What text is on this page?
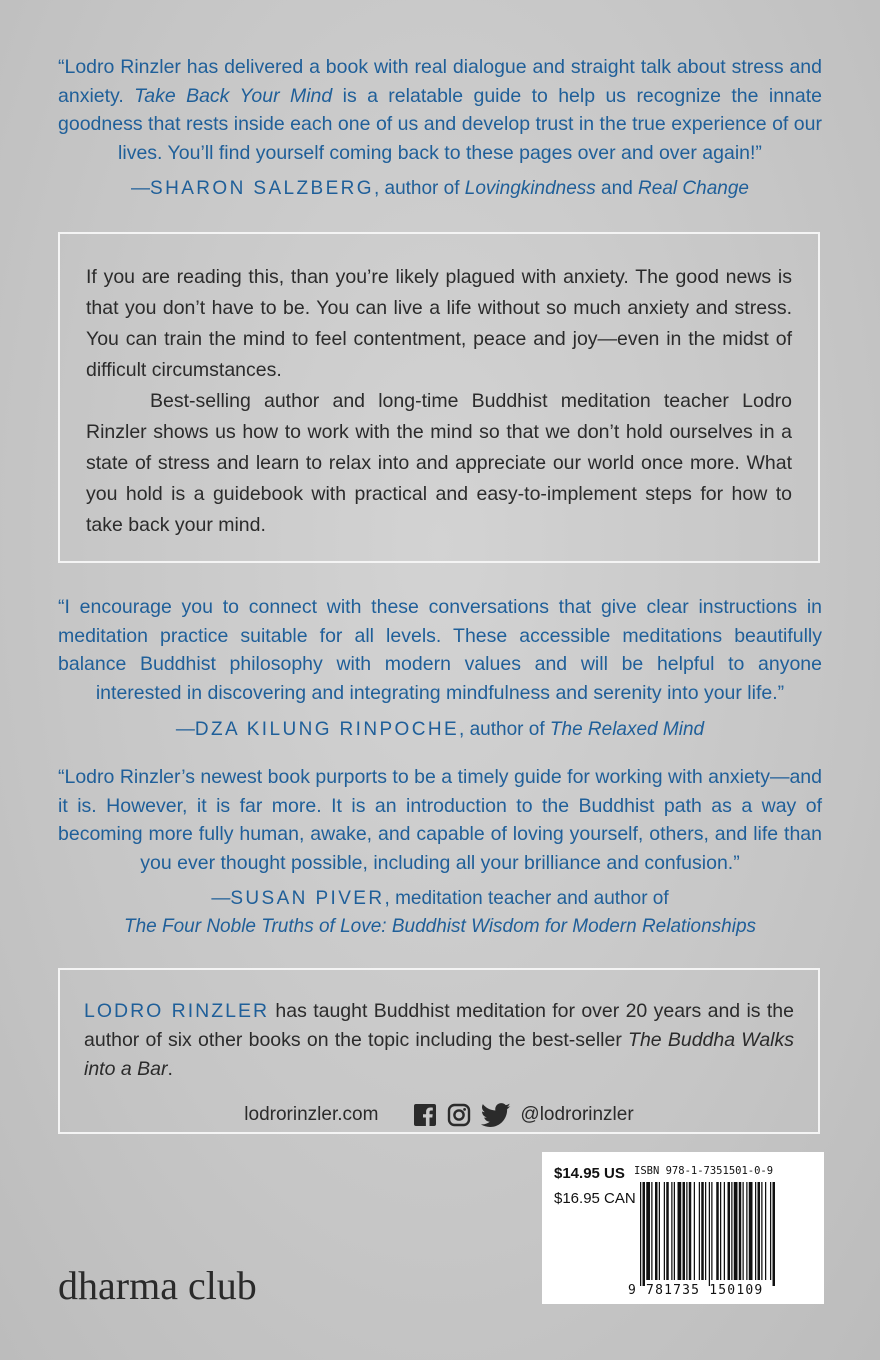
“Lodro Rinzler has delivered a book with real dialogue and straight talk about stress and anxiety. Take Back Your Mind is a relatable guide to help us recognize the innate goodness that rests inside each one of us and develop trust in the true experience of our lives. You’ll find yourself coming back to these pages over and over again!”
—SHARON SALZBERG, author of Lovingkindness and Real Change

If you are reading this, than you’re likely plagued with anxiety. The good news is that you don’t have to be. You can live a life without so much anxiety and stress. You can train the mind to feel contentment, peace and joy—even in the midst of difficult circumstances.

Best-selling author and long-time Buddhist meditation teacher Lodro Rinzler shows us how to work with the mind so that we don’t hold ourselves in a state of stress and learn to relax into and appreciate our world once more. What you hold is a guidebook with practical and easy-to-implement steps for how to take back your mind.

“I encourage you to connect with these conversations that give clear instructions in meditation practice suitable for all levels. These accessible meditations beautifully balance Buddhist philosophy with modern values and will be helpful to anyone interested in discovering and integrating mindfulness and serenity into your life.”
—DZA KILUNG RINPOCHE, author of The Relaxed Mind
“Lodro Rinzler’s newest book purports to be a timely guide for working with anxiety—and it is. However, it is far more. It is an introduction to the Buddhist path as a way of becoming more fully human, awake, and capable of loving yourself, others, and life than you ever thought possible, including all your brilliance and confusion.”
—SUSAN PIVER, meditation teacher and author of
The Four Noble Truths of Love: Buddhist Wisdom for Modern Relationships
LODRO RINZLER has taught Buddhist meditation for over 20 years and is the author of six other books on the topic including the best-seller The Buddha Walks into a Bar.
lodrorinzler.com	@lodrorinzler
$14.95 US
$16.95 CAN
ISBN 978-1-7351501-0-9
9 781735 150109
dharma club
